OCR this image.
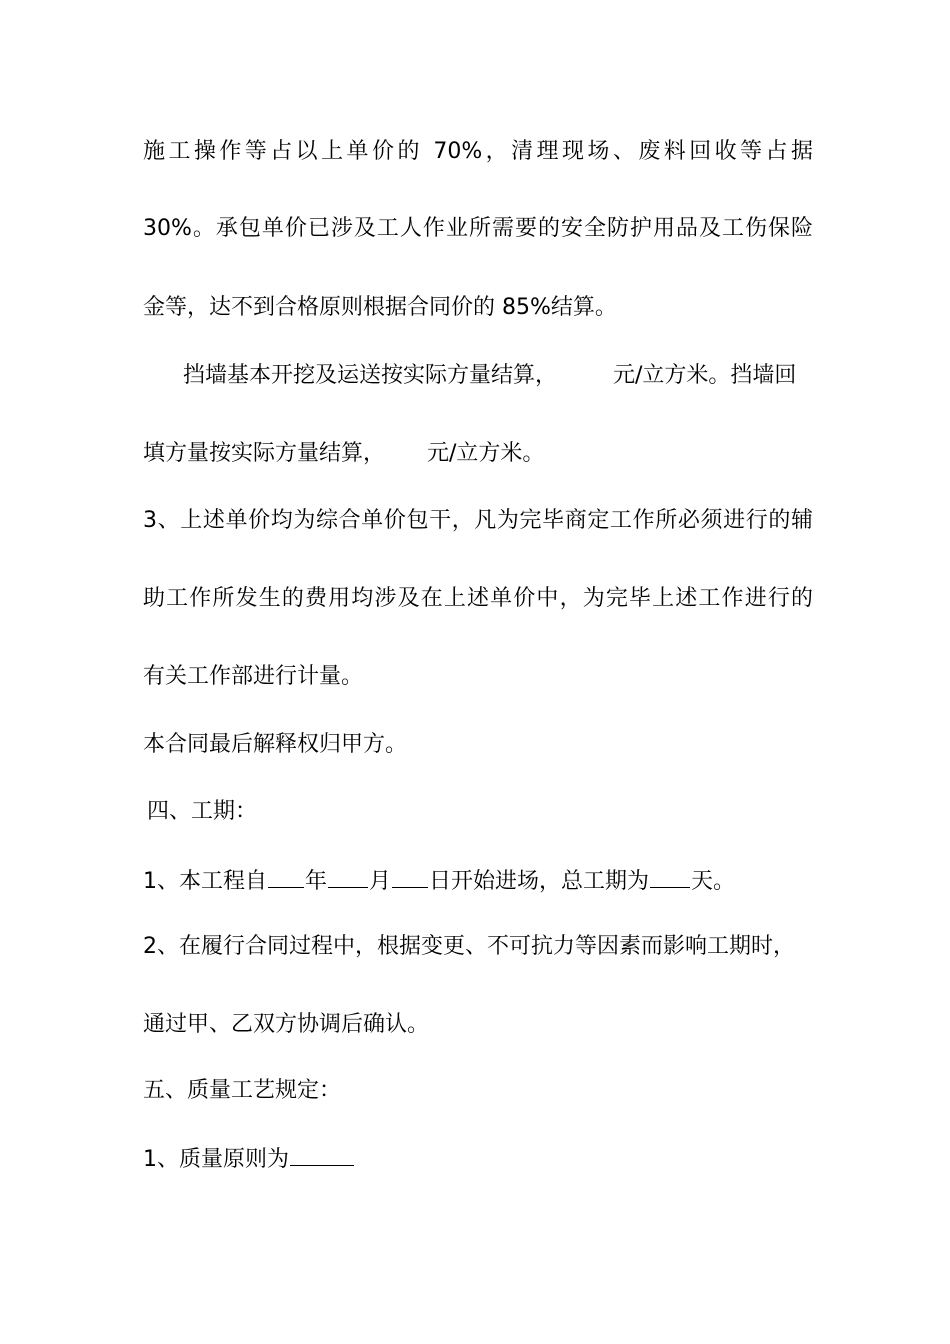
施工操作等占以上单价的 70%，清理现场、废料回收等占据
30%。承包单价已涉及工人作业所需要的安全防护用品及工伤保险
金等，达不到合格原则根据合同价的 85%结算。
挡墙基本开挖及运送按实际方量结算，	元/立方米。挡墙回
填方量按实际方量结算， 元/立方米。
3、上述单价均为综合单价包干，凡为完毕商定工作所必须进行的辅
助工作所发生的费用均涉及在上述单价中，为完毕上述工作进行的
有关工作部进行计量。
本合同最后解释权归甲方。
四、工期：
1、本工程自 年 月 日开始进场，总工期为 天。
2、在履行合同过程中，根据变更、不可抗力等因素而影响工期时，
通过甲、乙双方协调后确认。
五、质量工艺规定：
1、质量原则为
